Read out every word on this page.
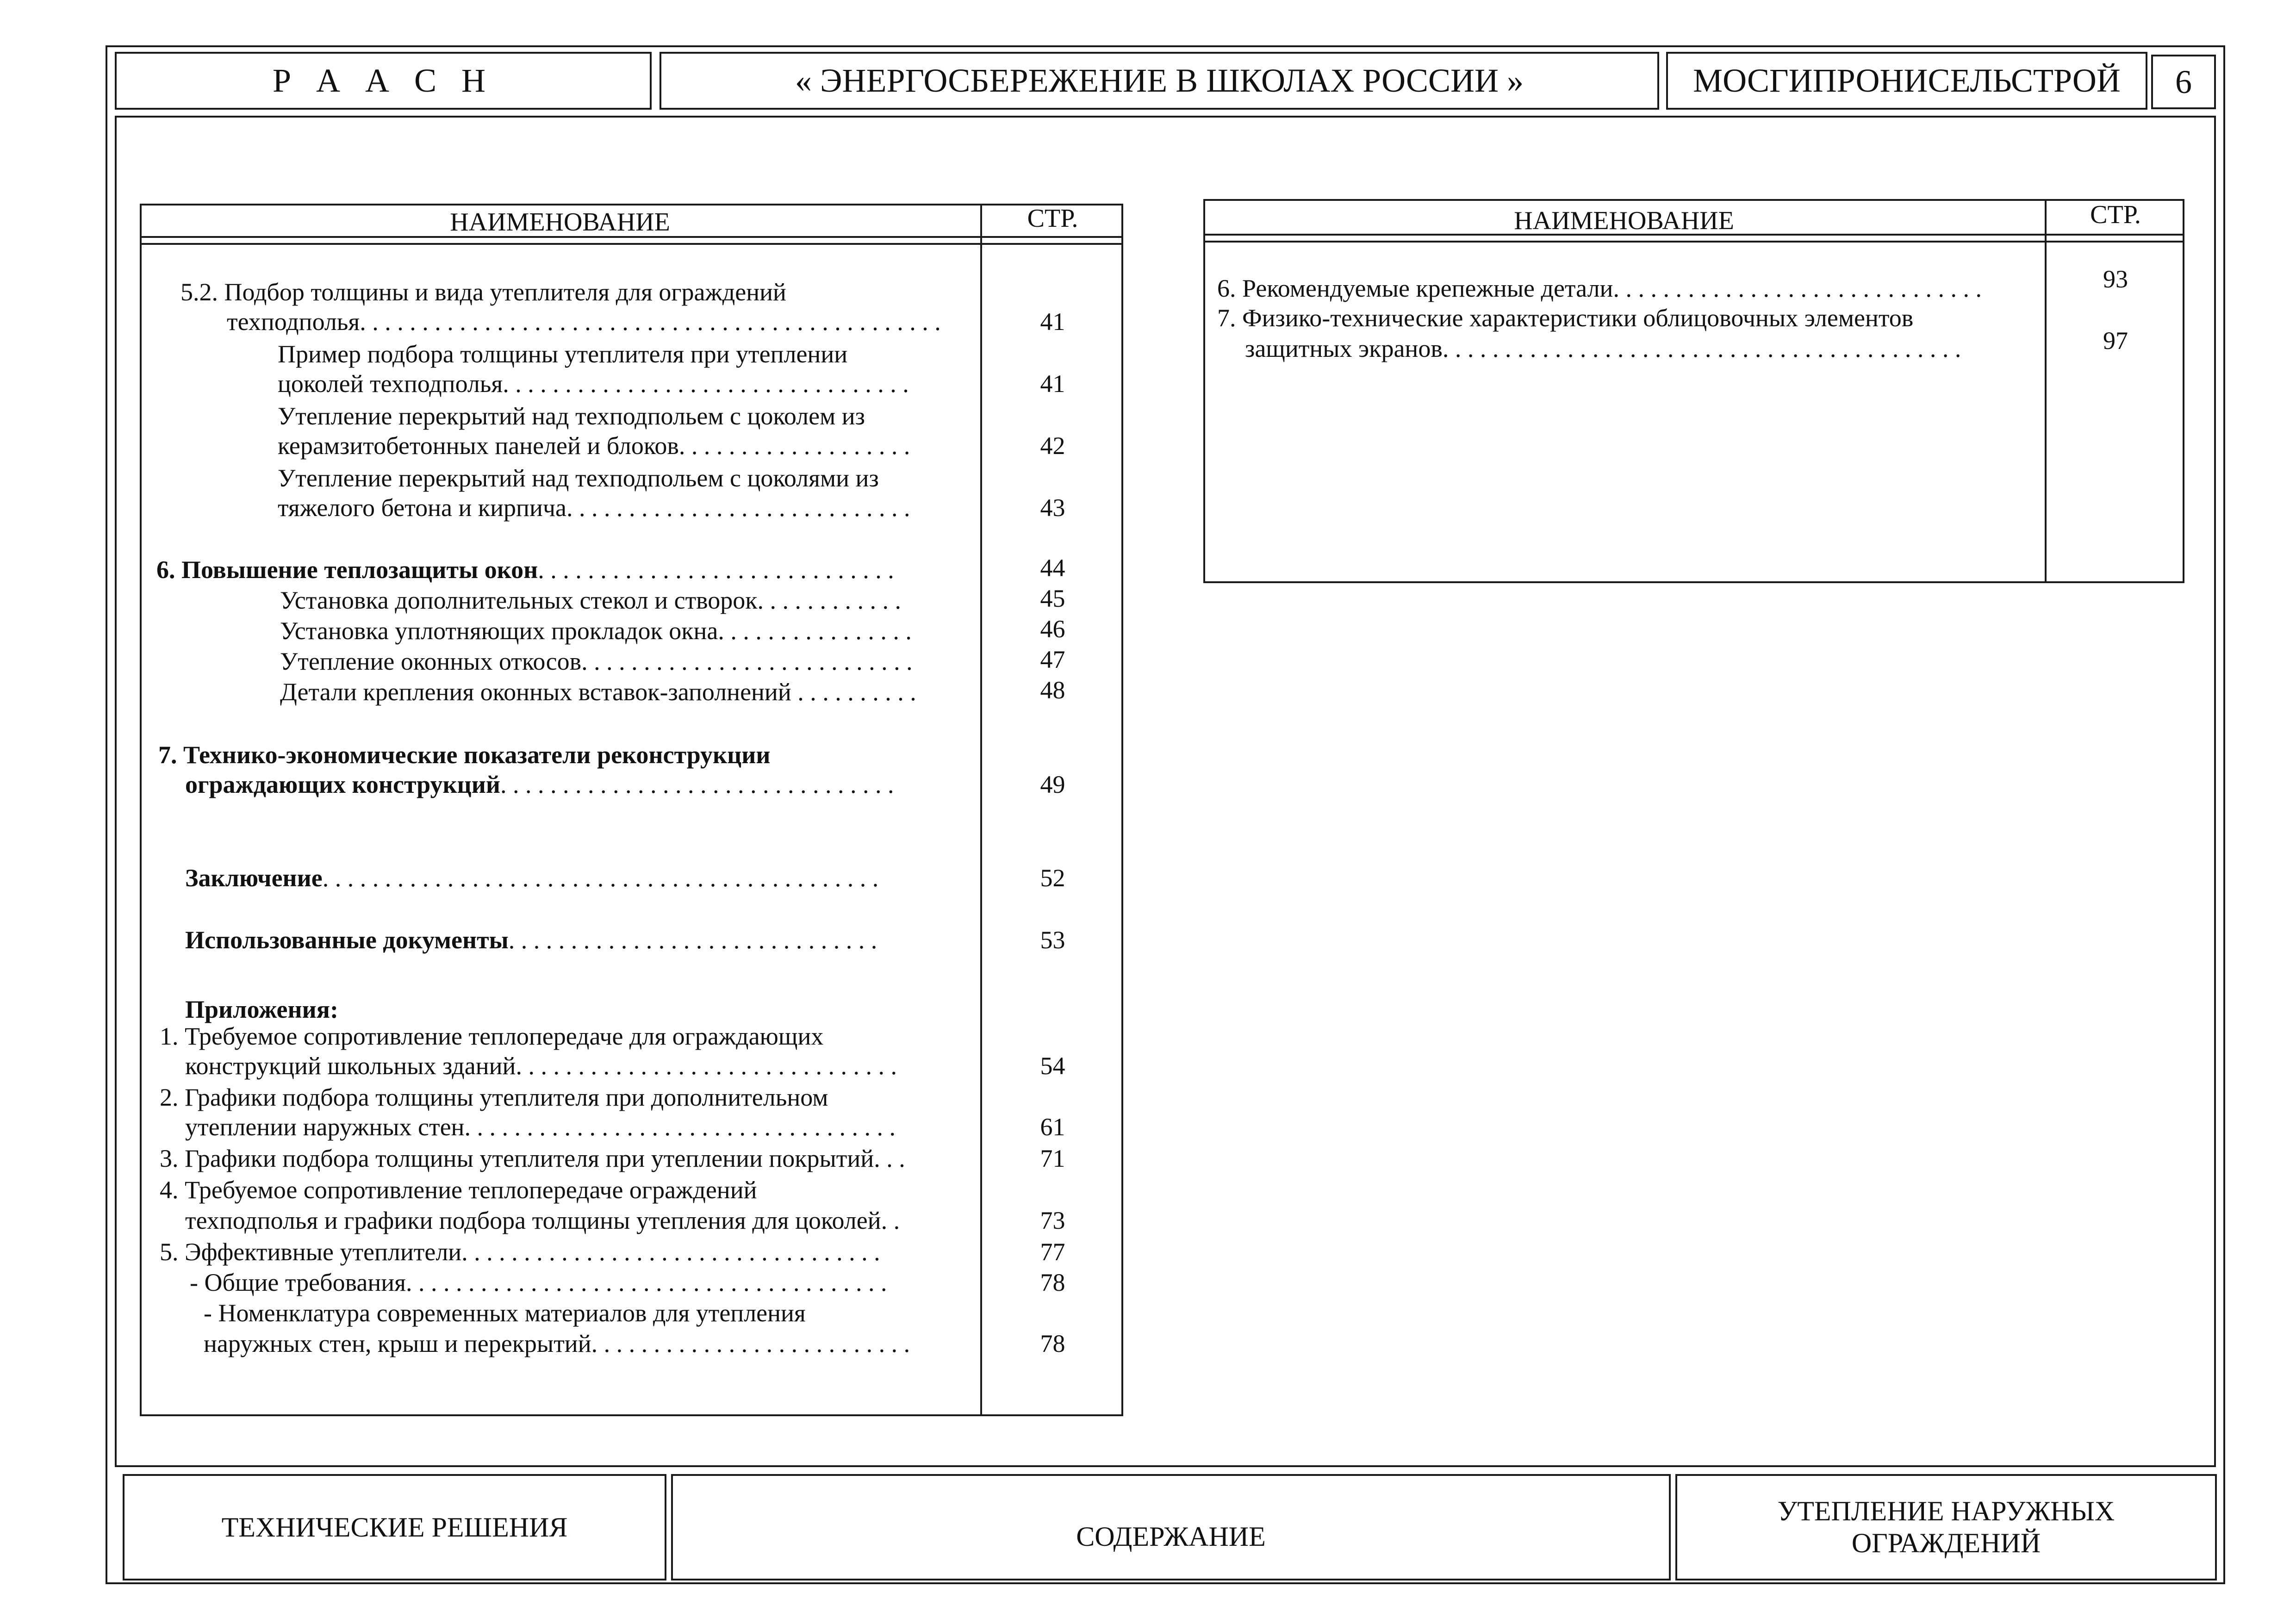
Р А А С Н	« ЭНЕРГОСБЕРЕЖЕНИЕ В ШКОЛАХ РОССИИ »	МОСГИПРОНИСЕЛЬСТРОЙ 6
НАИМЕНОВАНИЕ	СТР.
5.2. Подбор толщины и вида утеплителя для ограждений
техподполья. . . . . . . . . . . . . . . . . . . . . . . . . . . . . . . . . . . . . . . . . . . . . . .	41
Пример подбора толщины утеплителя при утеплении
цоколей техподполья. . . . . . . . . . . . . . . . . . . . . . . . . . . . . . . . .	41
Утепление перекрытий над техподпольем с цоколем из
керамзитобетонных панелей и блоков. . . . . . . . . . . . . . . . . . .	42
Утепление перекрытий над техподпольем с цоколями из
тяжелого бетона и кирпича. . . . . . . . . . . . . . . . . . . . . . . . . . . .	43
6. Повышение теплозащиты окон. . . . . . . . . . . . . . . . . . . . . . . . . . . . .	44
Установка дополнительных стекол и створок. . . . . . . . . . . .	45
Установка уплотняющих прокладок окна. . . . . . . . . . . . . . . .	46
Утепление оконных откосов. . . . . . . . . . . . . . . . . . . . . . . . . . .	47
Детали крепления оконных вставок-заполнений . . . . . . . . . .	48
7. Технико-экономические показатели реконструкции
ограждающих конструкций. . . . . . . . . . . . . . . . . . . . . . . . . . . . . . . .	49
Заключение. . . . . . . . . . . . . . . . . . . . . . . . . . . . . . . . . . . . . . . . . . . . .	52
Использованные документы. . . . . . . . . . . . . . . . . . . . . . . . . . . . . .	53
Приложения:
1. Требуемое сопротивление теплопередаче для ограждающих
конструкций школьных зданий. . . . . . . . . . . . . . . . . . . . . . . . . . . . . . .	54
2. Графики подбора толщины утеплителя при дополнительном
утеплении наружных стен. . . . . . . . . . . . . . . . . . . . . . . . . . . . . . . . . . .	61
3. Графики подбора толщины утеплителя при утеплении покрытий. . .	71
4. Требуемое сопротивление теплопередаче ограждений
техподполья и графики подбора толщины утепления для цоколей. .	73
5. Эффективные утеплители. . . . . . . . . . . . . . . . . . . . . . . . . . . . . . . . . .	77
- Общие требования. . . . . . . . . . . . . . . . . . . . . . . . . . . . . . . . . . . . . . .	78
- Номенклатура современных материалов для утепления
наружных стен, крыш и перекрытий. . . . . . . . . . . . . . . . . . . . . . . . . .	78
НАИМЕНОВАНИЕ	СТР.
6. Рекомендуемые крепежные детали. . . . . . . . . . . . . . . . . . . . . . . . . . . . . .	93
7. Физико-технические характеристики облицовочных элементов
защитных экранов. . . . . . . . . . . . . . . . . . . . . . . . . . . . . . . . . . . . . . . . . .	97
ТЕХНИЧЕСКИЕ РЕШЕНИЯ	СОДЕРЖАНИЕ
УТЕПЛЕНИЕ НАРУЖНЫХ ОГРАЖДЕНИЙ
